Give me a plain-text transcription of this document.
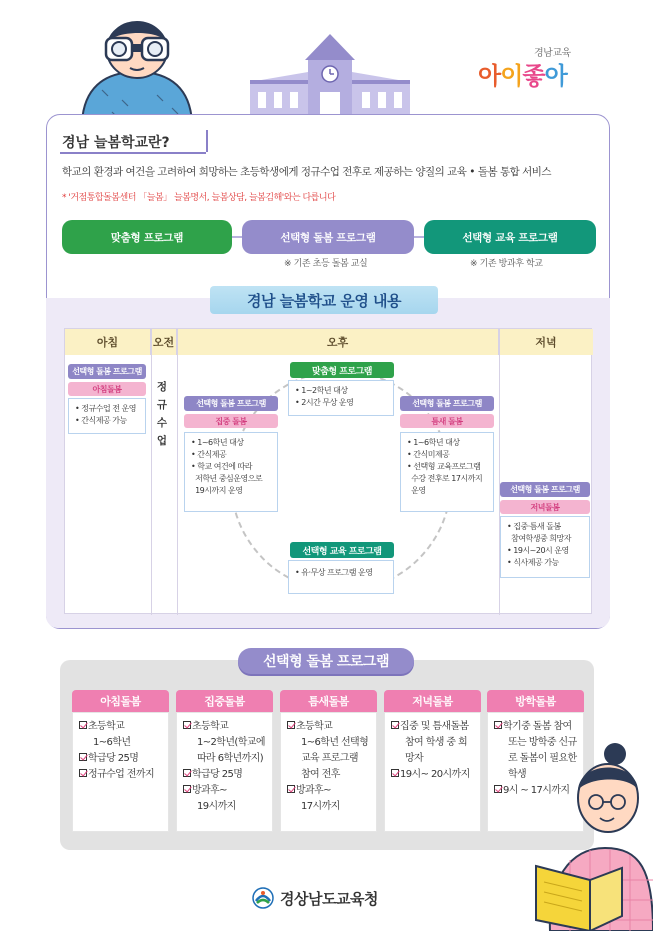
경남교육
아이좋아
경남 늘봄학교란?
학교의 환경과 여건을 고려하여 희망하는 초등학생에게 정규수업 전후로 제공하는 양질의 교육 • 돌봄 통합 서비스
* '거점통합돌봄센터 「늘봄」 늘봄명서, 늘봄상담, 늘봄김해'와는 다릅니다
맞춤형 프로그램	선택형 돌봄 프로그램	선택형 교육 프로그램
※ 기존 초등 돌봄 교실	※ 기존 방과후 학교
경남 늘봄학교 운영 내용
아침	오전	오후	저녁
선택형 돌봄 프로그램
아침돌봄
• 정규수업 전 운영
• 간식제공 가능
정
규
수
업
맞춤형 프로그램
• 1~2학년 대상
• 2시간 무상 운영
선택형 돌봄 프로그램
집중 돌봄
• 1~6학년 대상
• 간식제공
• 학교 여건에 따라
저학년 중심운영으로
19시까지 운영
선택형 돌봄 프로그램
틈새 돌봄
• 1~6학년 대상
• 간식미제공
• 선택형 교육프로그램
수강 전후로 17시까지
운영
선택형 교육 프로그램
• 유·무상 프로그램 운영
선택형 돌봄 프로그램
저녁돌봄
• 집중·틈새 돌봄
참여학생중 희망자
• 19시~20시 운영
• 식사제공 가능
선택형 돌봄 프로그램
아침돌봄
초등학교
1~6학년
학급당 25명
정규수업 전까지
집중돌봄
초등학교
1~2학년(학교에
따라 6학년까지)
학급당 25명
방과후~
19시까지
틈새돌봄
초등학교
1~6학년 선택형
교육 프로그램
참여 전후
방과후~
17시까지
저녁돌봄
집중 및 틈새돌봄
참여 학생 중 희
망자
19시~ 20시까지
방학돌봄
학기중 돌봄 참여
또는 방학중 신규
로 돌봄이 필요한
학생
9시 ~ 17시까지
경상남도교육청
